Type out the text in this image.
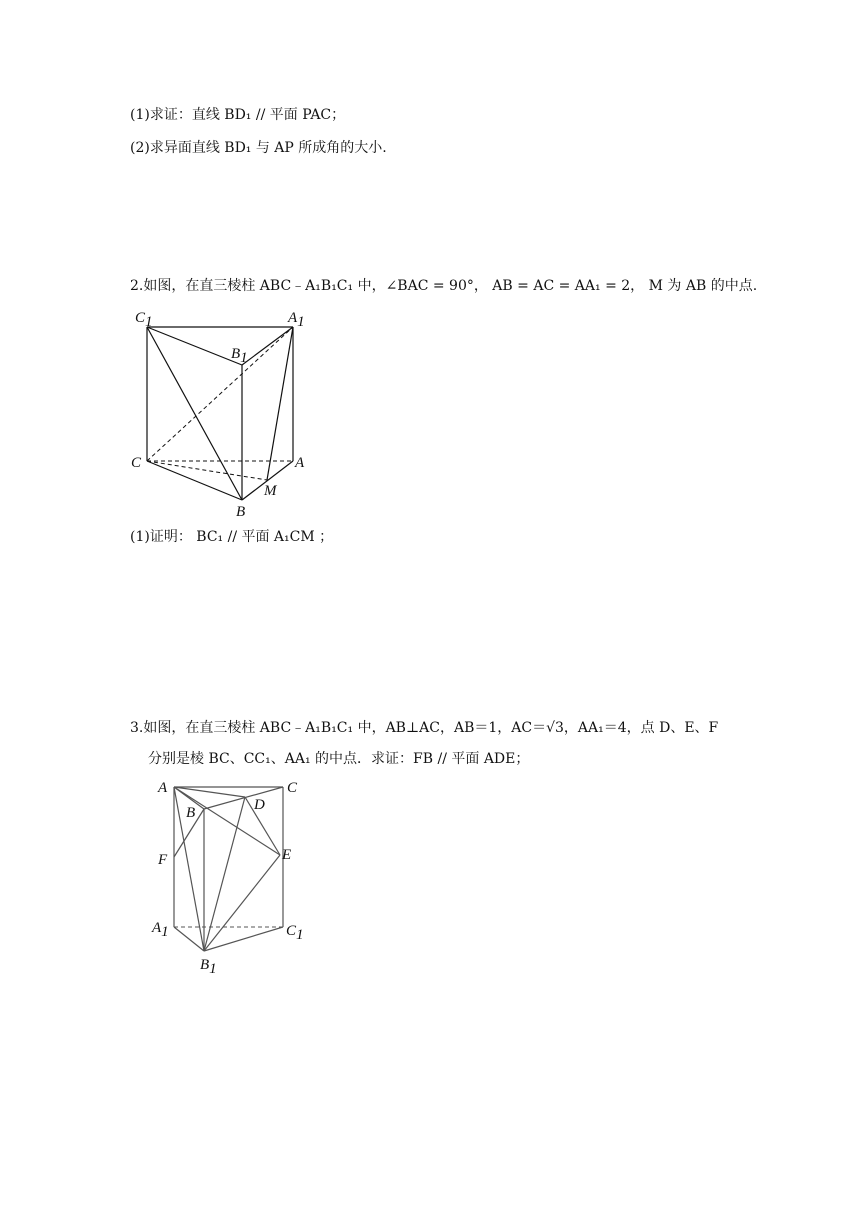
(1)求证：直线 BD₁ // 平面 PAC；
(2)求异面直线 BD₁ 与 AP 所成角的大小.
2.如图，在直三棱柱 ABC﹣A₁B₁C₁ 中，∠BAC = 90°， AB = AC = AA₁ = 2， M 为 AB 的中点.
C1	A1
B1
C	A
M
B
(1)证明： BC₁ // 平面 A₁CM ；
3.如图，在直三棱柱 ABC﹣A₁B₁C₁ 中，AB⊥AC，AB＝1，AC＝√3，AA₁＝4，点 D、E、F
分别是棱 BC、CC₁、AA₁ 的中点．求证：FB // 平面 ADE；
A	C
B	D
F	E
A1	C1
B1
